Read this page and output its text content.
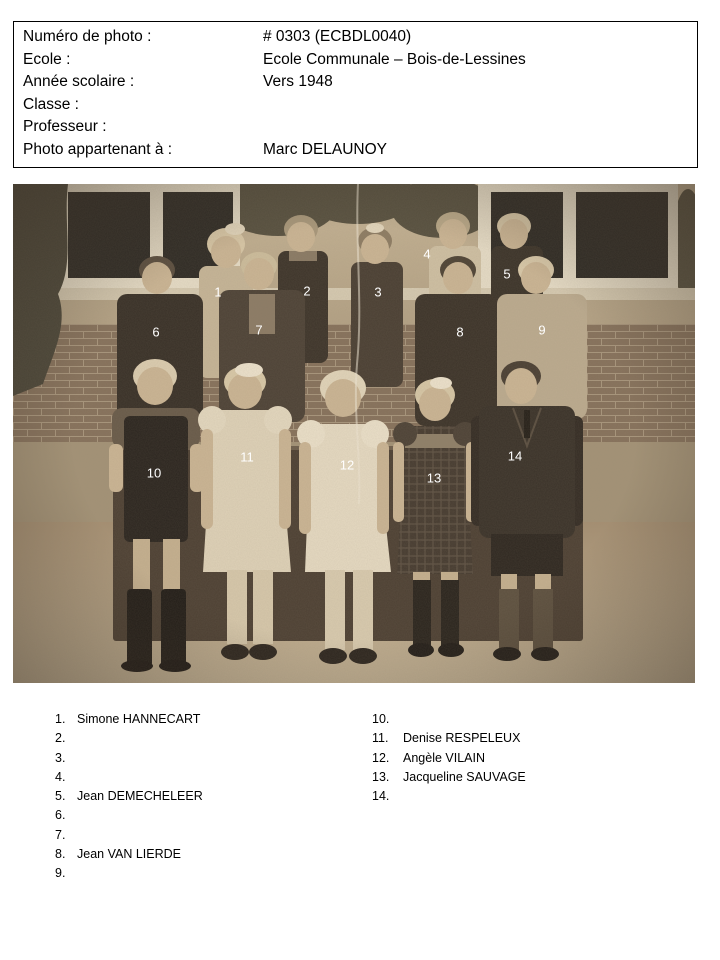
Numéro de photo :	# 0303 (ECBDL0040)
Ecole :	Ecole Communale – Bois-de-Lessines
Année scolaire :	Vers 1948
Classe :
Professeur :
Photo appartenant à :	Marc DELAUNOY
1	2	3
4
5
6	7	8	9
10
11
12
13
14
1. Simone HANNECART
2.
3.
4.
5. Jean DEMECHELEER
6.
7.
8. Jean VAN LIERDE
9.
10.
11. Denise RESPELEUX
12. Angèle VILAIN
13. Jacqueline SAUVAGE
14.
